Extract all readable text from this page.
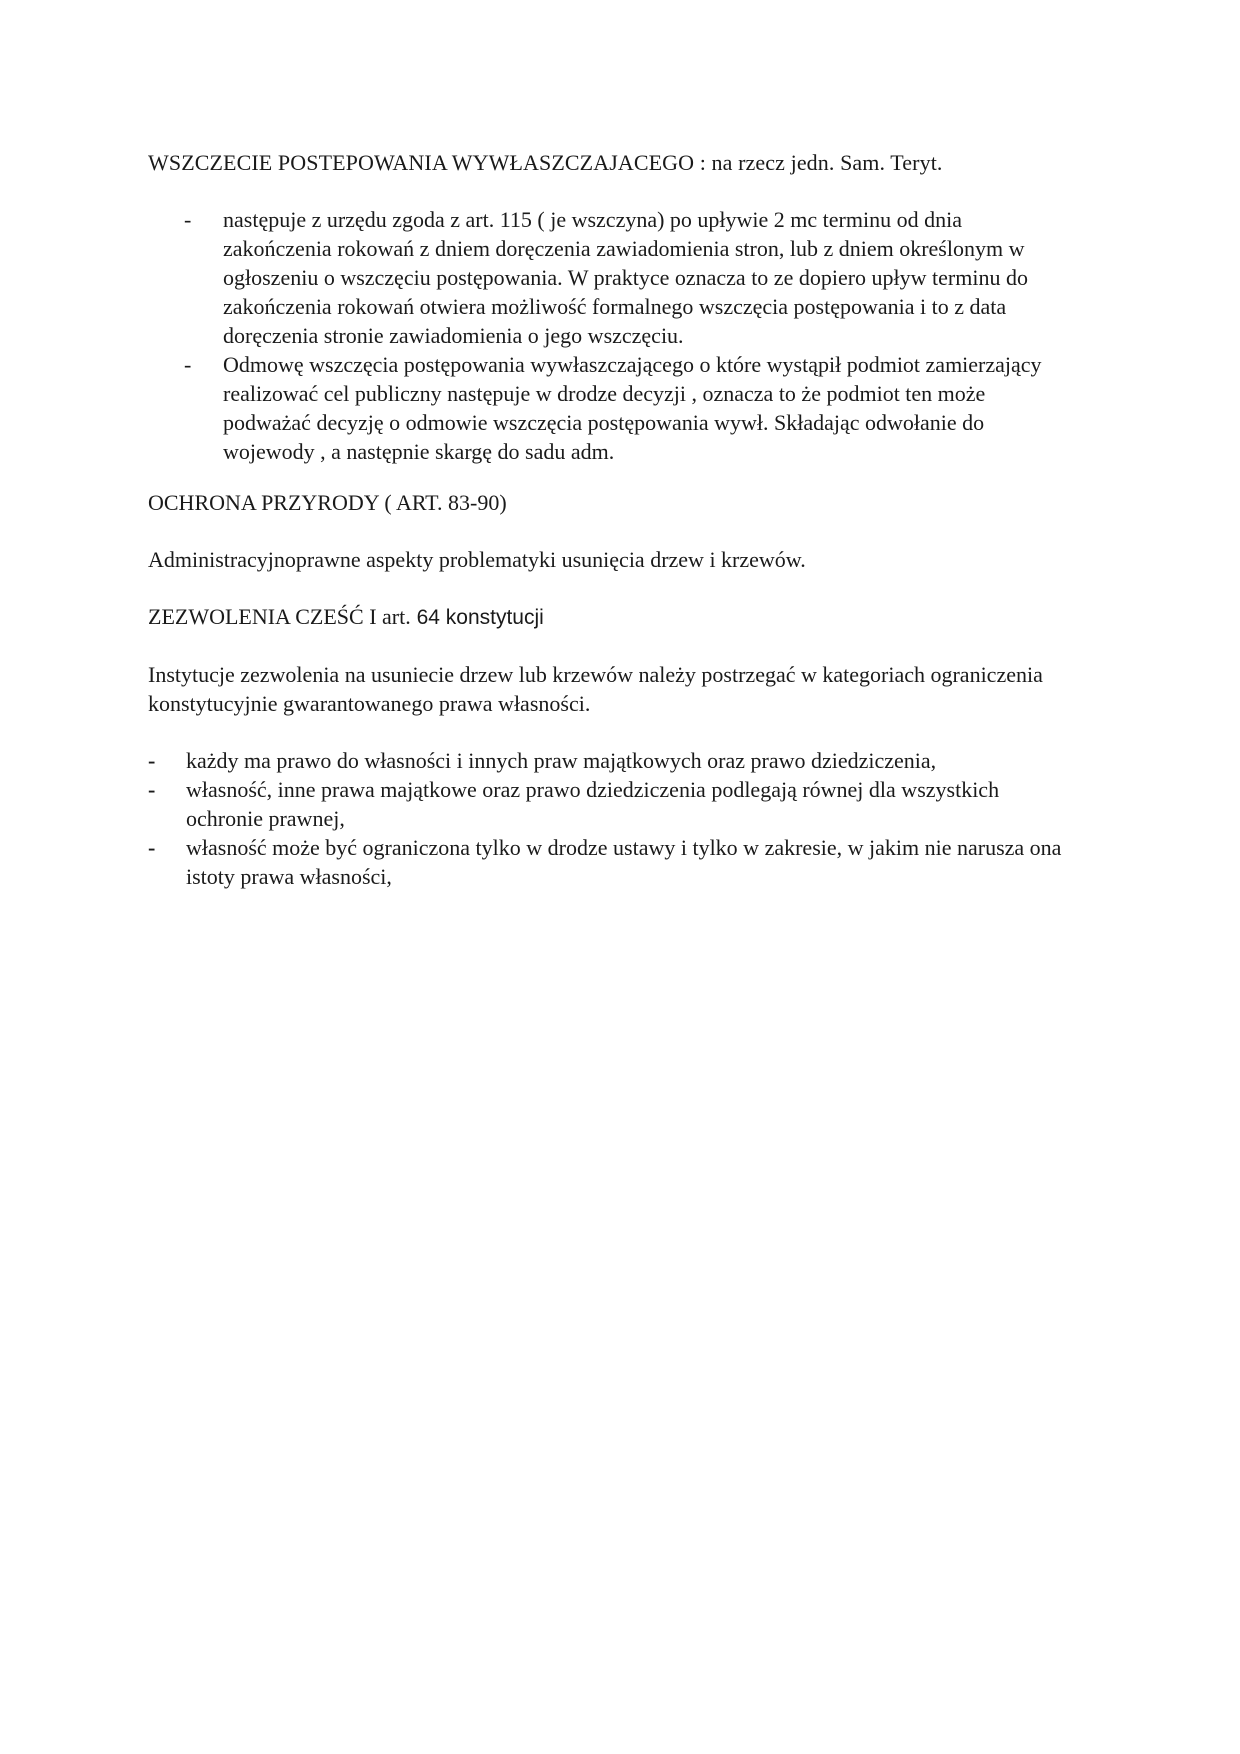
WSZCZECIE POSTEPOWANIA WYWŁASZCZAJACEGO : na rzecz jedn. Sam. Teryt.

- następuje z urzędu zgoda z art. 115 ( je wszczyna) po upływie 2 mc terminu od dnia zakończenia rokowań z dniem doręczenia zawiadomienia stron, lub z dniem określonym w ogłoszeniu o wszczęciu postępowania. W praktyce oznacza to ze dopiero upływ terminu do zakończenia rokowań otwiera możliwość formalnego wszczęcia postępowania i to z data doręczenia stronie zawiadomienia o jego wszczęciu.
- Odmowę wszczęcia postępowania wywłaszczającego o które wystąpił podmiot zamierzający realizować cel publiczny następuje w drodze decyzji , oznacza to że podmiot ten może podważać decyzję o odmowie wszczęcia postępowania wywł. Składając odwołanie do wojewody , a następnie skargę do sadu adm.

OCHRONA PRZYRODY ( ART. 83-90)

Administracyjnoprawne aspekty problematyki usunięcia drzew i krzewów.

ZEZWOLENIA CZEŚĆ I art. 64 konstytucji

Instytucje zezwolenia na usuniecie drzew lub krzewów należy postrzegać w kategoriach ograniczenia konstytucyjnie gwarantowanego prawa własności.

- każdy ma prawo do własności i innych praw majątkowych oraz prawo dziedziczenia,
- własność, inne prawa majątkowe oraz prawo dziedziczenia podlegają równej dla wszystkich ochronie prawnej,
- własność może być ograniczona tylko w drodze ustawy i tylko w zakresie, w jakim nie narusza ona istoty prawa własności,
